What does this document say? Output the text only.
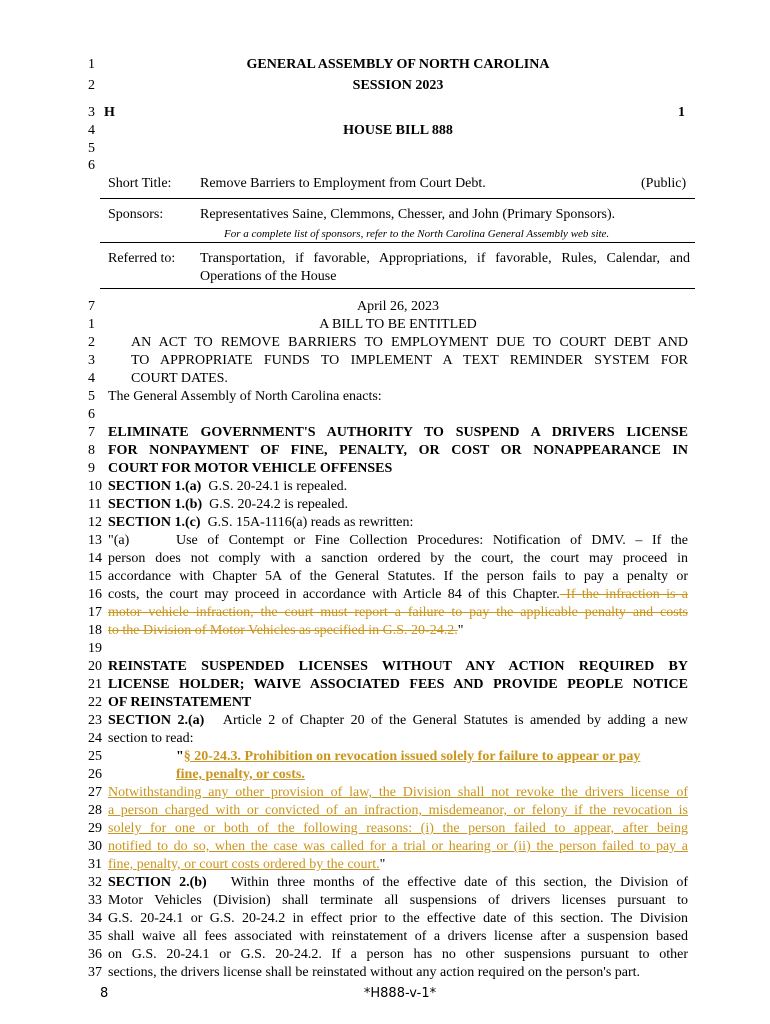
1	GENERAL ASSEMBLY OF NORTH CAROLINA
2	SESSION 2023
3 H	1
4	HOUSE BILL 888
5
6
Short Title: Remove Barriers to Employment from Court Debt.	(Public)
Sponsors:	Representatives Saine, Clemmons, Chesser, and John (Primary Sponsors).
For a complete list of sponsors, refer to the North Carolina General Assembly web site.
Referred to: Transportation, if favorable, Appropriations, if favorable, Rules, Calendar, and
Operations of the House
7	April 26, 2023
1	A BILL TO BE ENTITLED
2	AN ACT TO REMOVE BARRIERS TO EMPLOYMENT DUE TO COURT DEBT AND
3	TO APPROPRIATE FUNDS TO IMPLEMENT A TEXT REMINDER SYSTEM FOR
4	COURT DATES.
5 The General Assembly of North Carolina enacts:
6
7 ELIMINATE GOVERNMENT'S AUTHORITY TO SUSPEND A DRIVERS LICENSE
8 FOR NONPAYMENT OF FINE, PENALTY, OR COST OR NONAPPEARANCE IN
9 COURT FOR MOTOR VEHICLE OFFENSES
10 SECTION 1.(a) G.S. 20-24.1 is repealed.
11 SECTION 1.(b) G.S. 20-24.2 is repealed.
12 SECTION 1.(c) G.S. 15A-1116(a) reads as rewritten:
13 "(a)	Use of Contempt or Fine Collection Procedures: Notification of DMV. – If the
14 person does not comply with a sanction ordered by the court, the court may proceed in
15 accordance with Chapter 5A of the General Statutes. If the person fails to pay a penalty or
16 costs, the court may proceed in accordance with Article 84 of this Chapter. If the infraction is a
17 motor vehicle infraction, the court must report a failure to pay the applicable penalty and costs
18 to the Division of Motor Vehicles as specified in G.S. 20-24.2."
19
20 REINSTATE SUSPENDED LICENSES WITHOUT ANY ACTION REQUIRED BY
21 LICENSE HOLDER; WAIVE ASSOCIATED FEES AND PROVIDE PEOPLE NOTICE
22 OF REINSTATEMENT
23 SECTION 2.(a) Article 2 of Chapter 20 of the General Statutes is amended by adding a new
24 section to read:
25	"§ 20-24.3. Prohibition on revocation issued solely for failure to appear or pay
26	fine, penalty, or costs.
27 Notwithstanding any other provision of law, the Division shall not revoke the drivers license of
28 a person charged with or convicted of an infraction, misdemeanor, or felony if the revocation is
29 solely for one or both of the following reasons: (i) the person failed to appear, after being
30 notified to do so, when the case was called for a trial or hearing or (ii) the person failed to pay a
31 fine, penalty, or court costs ordered by the court."
32 SECTION 2.(b) Within three months of the effective date of this section, the Division of
33 Motor Vehicles (Division) shall terminate all suspensions of drivers licenses pursuant to
34 G.S. 20-24.1 or G.S. 20-24.2 in effect prior to the effective date of this section. The Division
35 shall waive all fees associated with reinstatement of a drivers license after a suspension based
36 on G.S. 20-24.1 or G.S. 20-24.2. If a person has no other suspensions pursuant to other
37 sections, the drivers license shall be reinstated without any action required on the person's part.
8	*H888-v-1*
